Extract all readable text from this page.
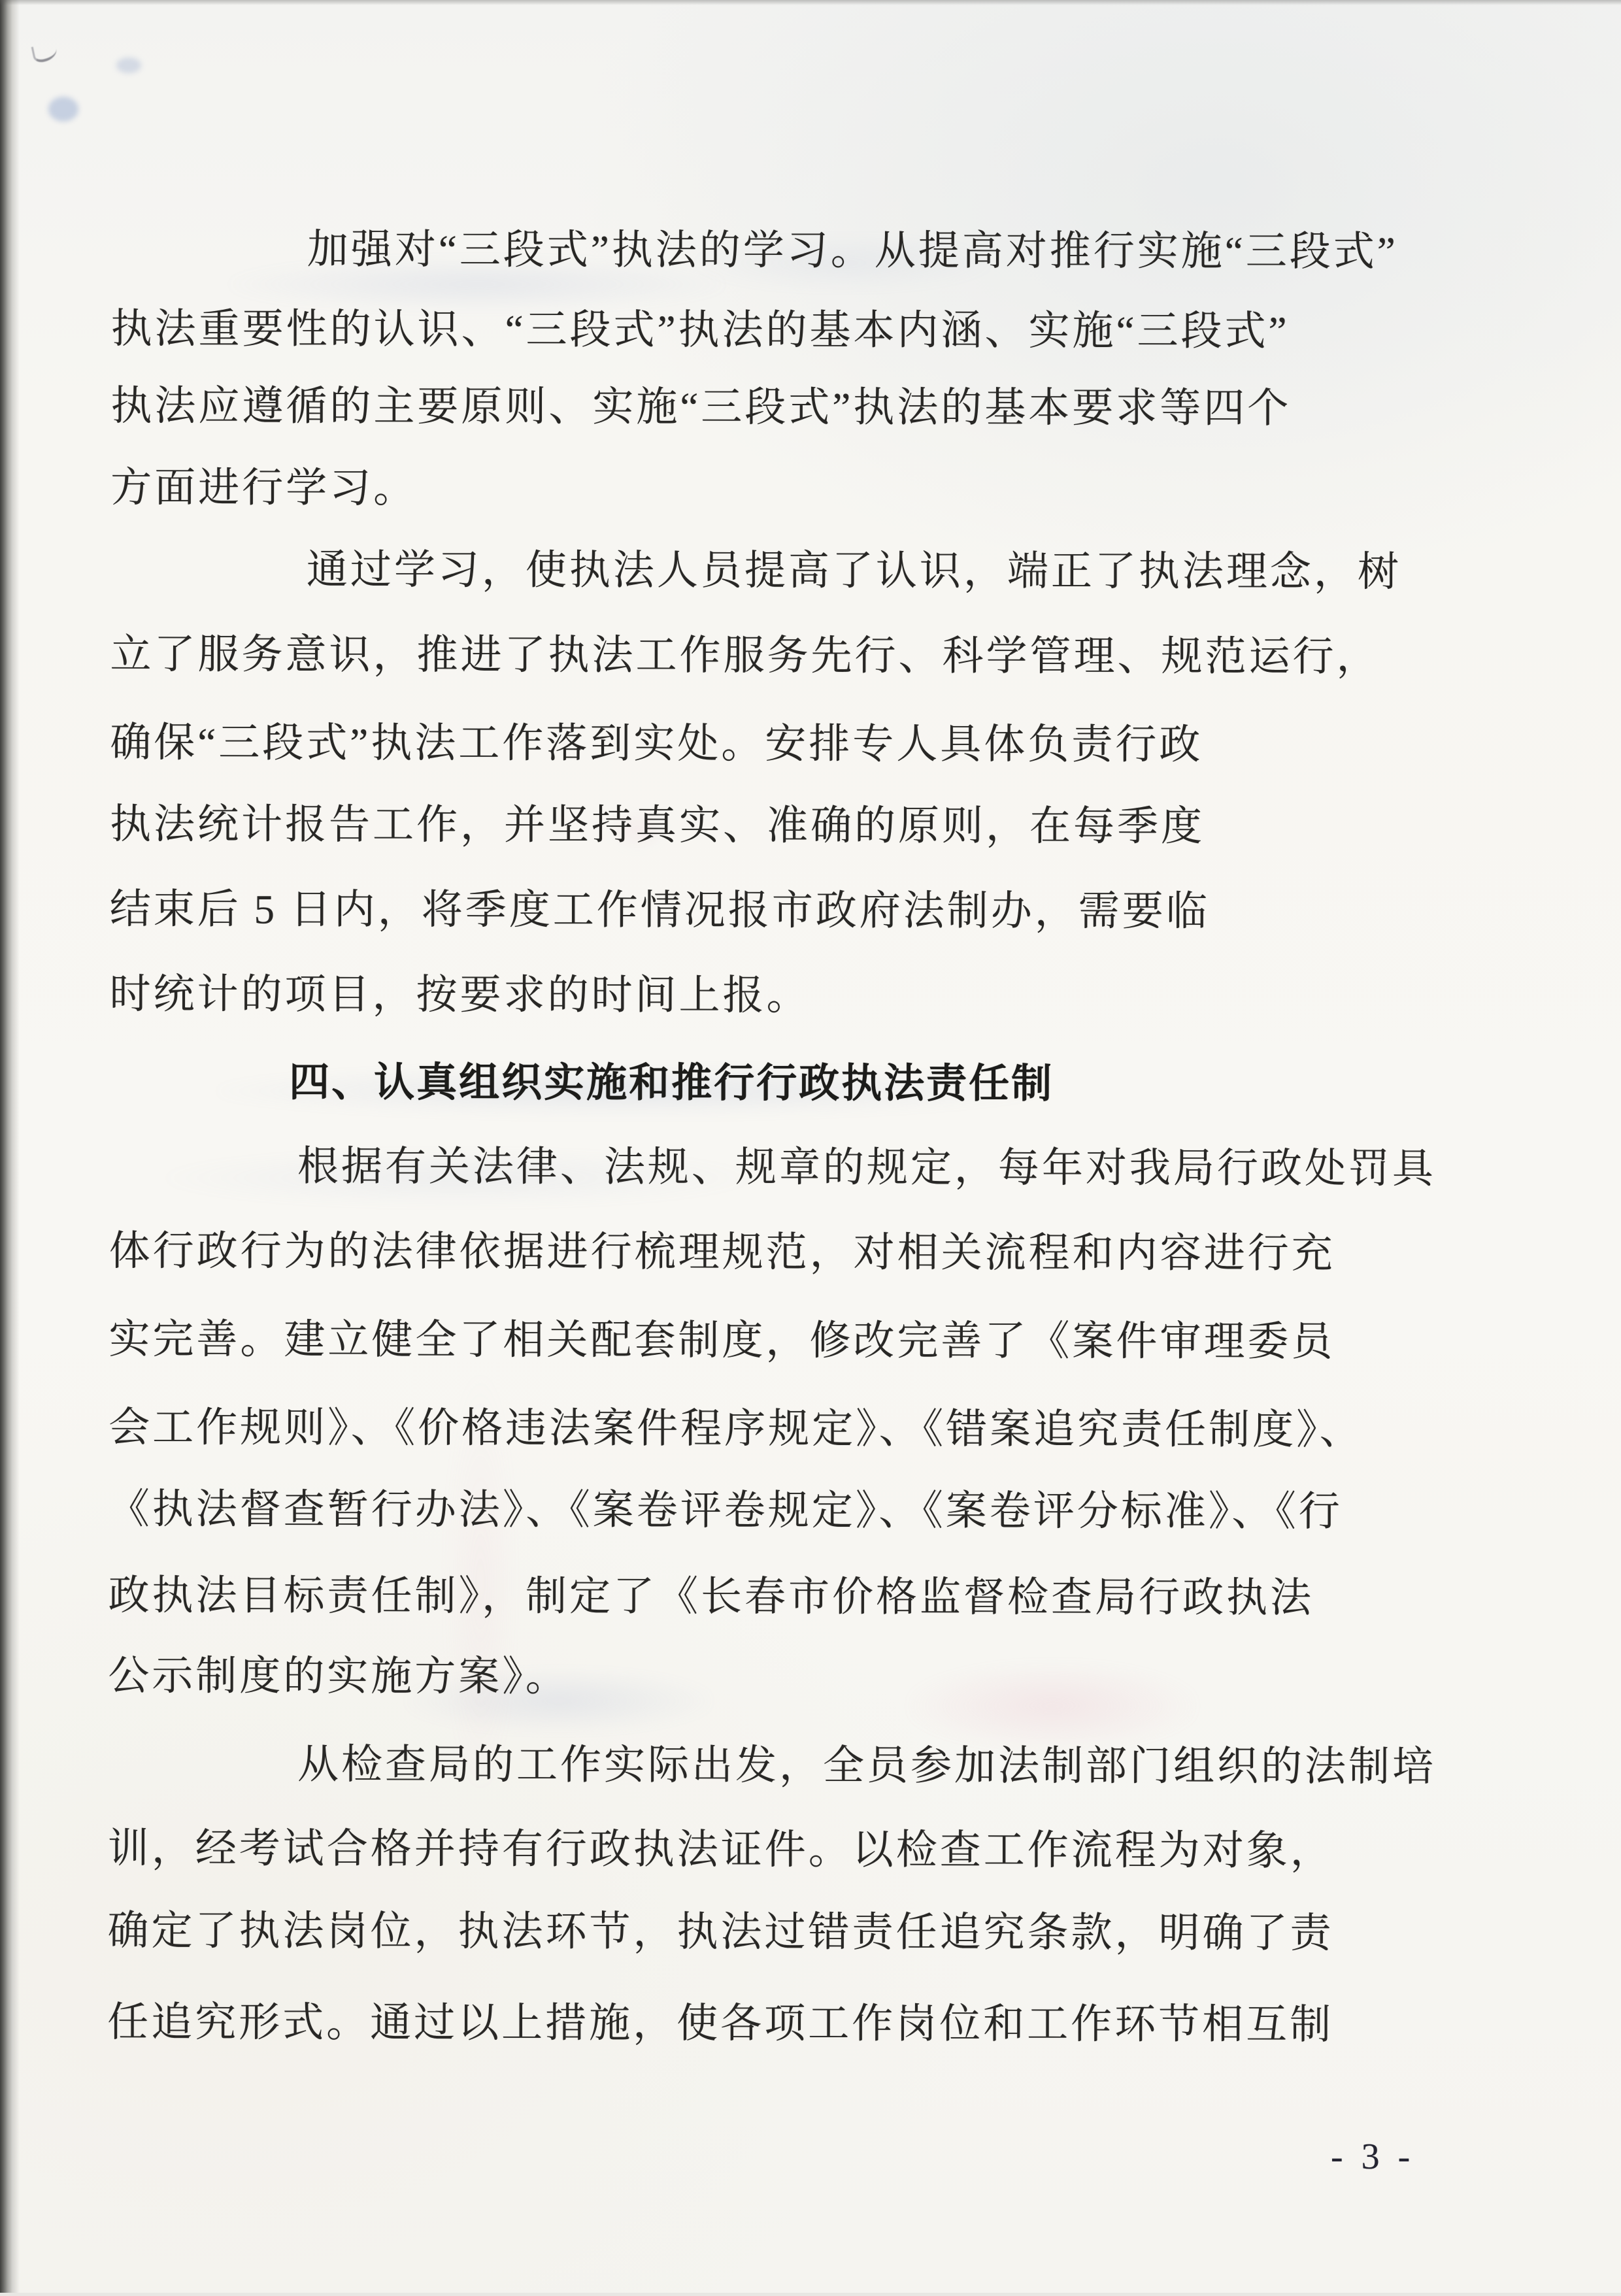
加强对“三段式”执法的学习。从提高对推行实施“三段式”
执法重要性的认识、“三段式”执法的基本内涵、实施“三段式”
执法应遵循的主要原则、实施“三段式”执法的基本要求等四个
方面进行学习。
通过学习，使执法人员提高了认识，端正了执法理念，树
立了服务意识，推进了执法工作服务先行、科学管理、规范运行，
确保“三段式”执法工作落到实处。安排专人具体负责行政
执法统计报告工作，并坚持真实、准确的原则，在每季度
结束后 5 日内，将季度工作情况报市政府法制办，需要临
时统计的项目，按要求的时间上报。
四、认真组织实施和推行行政执法责任制
根据有关法律、法规、规章的规定，每年对我局行政处罚具
体行政行为的法律依据进行梳理规范，对相关流程和内容进行充
实完善。建立健全了相关配套制度，修改完善了《案件审理委员
会工作规则》、《价格违法案件程序规定》、《错案追究责任制度》、
《执法督查暂行办法》、《案卷评卷规定》、《案卷评分标准》、《行
政执法目标责任制》，制定了《长春市价格监督检查局行政执法
公示制度的实施方案》。
从检查局的工作实际出发，全员参加法制部门组织的法制培
训，经考试合格并持有行政执法证件。以检查工作流程为对象，
确定了执法岗位，执法环节，执法过错责任追究条款，明确了责
任追究形式。通过以上措施，使各项工作岗位和工作环节相互制
- 3 -
